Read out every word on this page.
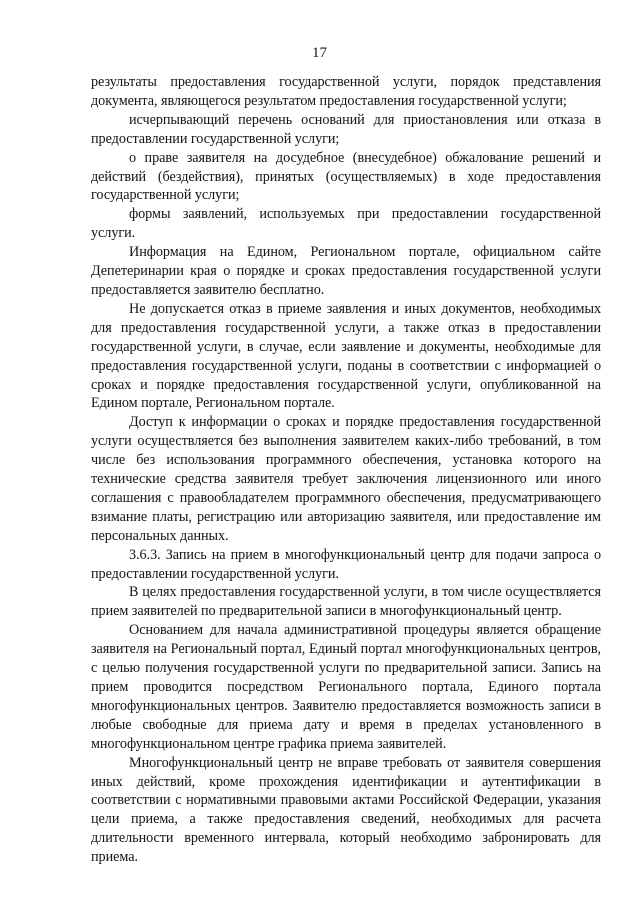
17

результаты предоставления государственной услуги, порядок представления документа, являющегося результатом предоставления государственной услуги;

исчерпывающий перечень оснований для приостановления или отказа в предоставлении государственной услуги;

о праве заявителя на досудебное (внесудебное) обжалование решений и действий (бездействия), принятых (осуществляемых) в ходе предоставления государственной услуги;

формы заявлений, используемых при предоставлении государственной услуги.

Информация на Едином, Региональном портале, официальном сайте Депетеринарии края о порядке и сроках предоставления государственной услуги предоставляется заявителю бесплатно.

Не допускается отказ в приеме заявления и иных документов, необходимых для предоставления государственной услуги, а также отказ в предоставлении государственной услуги, в случае, если заявление и документы, необходимые для предоставления государственной услуги, поданы в соответствии с информацией о сроках и порядке предоставления государственной услуги, опубликованной на Едином портале, Региональном портале.

Доступ к информации о сроках и порядке предоставления государственной услуги осуществляется без выполнения заявителем каких-либо требований, в том числе без использования программного обеспечения, установка которого на технические средства заявителя требует заключения лицензионного или иного соглашения с правообладателем программного обеспечения, предусматривающего взимание платы, регистрацию или авторизацию заявителя, или предоставление им персональных данных.

3.6.3. Запись на прием в многофункциональный центр для подачи запроса о предоставлении государственной услуги.

В целях предоставления государственной услуги, в том числе осуществляется прием заявителей по предварительной записи в многофункциональный центр.

Основанием для начала административной процедуры является обращение заявителя на Региональный портал, Единый портал многофункциональных центров, с целью получения государственной услуги по предварительной записи. Запись на прием проводится посредством Регионального портала, Единого портала многофункциональных центров. Заявителю предоставляется возможность записи в любые свободные для приема дату и время в пределах установленного в многофункциональном центре графика приема заявителей.

Многофункциональный центр не вправе требовать от заявителя совершения иных действий, кроме прохождения идентификации и аутентификации в соответствии с нормативными правовыми актами Российской Федерации, указания цели приема, а также предоставления сведений, необходимых для расчета длительности временного интервала, который необходимо забронировать для приема.
